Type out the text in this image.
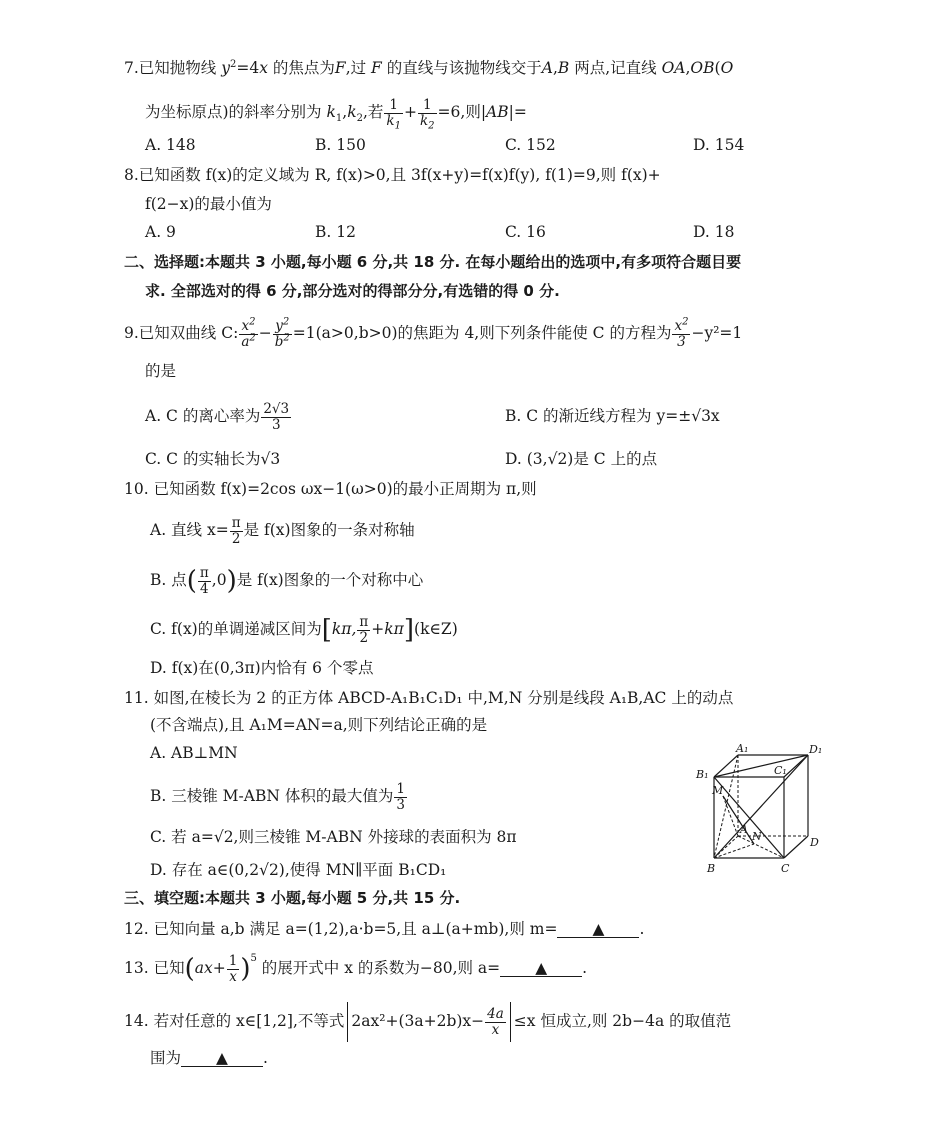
7.已知抛物线 $y^2=4x$ 的焦点为F,过 F 的直线与该抛物线交于A,B 两点,记直线 OA,OB(O
为坐标原点)的斜率分别为 $k_1,k_2$,若 $\frac{1}{k_1} + \frac{1}{k_2} =6$,则|AB|=
A. 148	B. 150	C. 152	D. 154
8.已知函数 f(x)的定义域为 R, f(x)>0,且 3f(x+y)=f(x)f(y), f(1)=9,则 f(x)+
f(2−x)的最小值为
A. 9	B. 12	C. 16	D. 18
二、选择题:本题共 3 小题,每小题 6 分,共 18 分. 在每小题给出的选项中,有多项符合题目要
求. 全部选对的得 6 分,部分选对的得部分分,有选错的得 0 分.
9.已知双曲线 C: $\frac{x^2}{a^2} - \frac{y^2}{b^2} =1(a>0,b>0)$的焦距为 4,则下列条件能使 C 的方程为 $\frac{x^2}{3} -y^2=1$
的是
A. C 的离心率为 $\frac{2√3}{3}$	B. C 的渐近线方程为 y=±√3x
C. C 的实轴长为√3	D. (3,√2)是 C 上的点
10. 已知函数 f(x)=2cos ωx−1(ω>0)的最小正周期为 π,则
A. 直线 $x= \frac{\pi}{2}$ 是 f(x)图象的一条对称轴
B. 点( $\frac{\pi}{4} ,0$)是 f(x)图象的一个对称中心
C. f(x)的单调递减区间为[kπ, $\frac{\pi}{2}$ +kπ](k∈Z)
D. f(x)在(0,3π)内恰有 6 个零点
11. 如图,在棱长为 2 的正方体 ABCD-A₁B₁C₁D₁ 中,M,N 分别是线段 A₁B,AC 上的动点
(不含端点),且 A₁M=AN=a,则下列结论正确的是
A. AB⊥MN
B. 三棱锥 M-ABN 体积的最大值为 $\frac{1}{3}$
C. 若 a=√2,则三棱锥 M-ABN 外接球的表面积为 8π
D. 存在 a∈(0,2√2),使得 MN∥平面 B₁CD₁
A₁	D₁
B₁	C₁
M
A
N	D
B	C
三、填空题:本题共 3 小题,每小题 5 分,共 15 分.
12. 已知向量 a,b 满足 a=(1,2),a·b=5,且 a⊥(a+mb),则 m= ▲ .
13. 已知$(ax+ \frac{1}{x} )^5$ 的展开式中 x 的系数为−80,则 a= ▲ .
14. 若对任意的 x∈[1,2],不等式 $2ax^2+(3a+2b)x- \frac{4a}{x} \le x$ 恒成立,则 2b−4a 的取值范
围为 ▲ .
